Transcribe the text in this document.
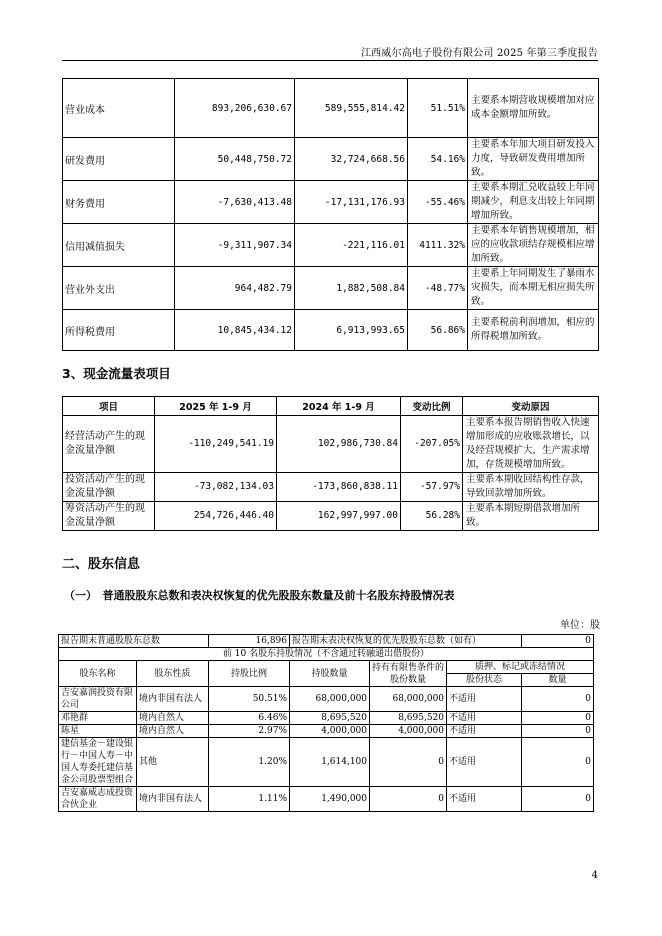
江西威尔高电子股份有限公司 2025 年第三季度报告
营业成本	893,206,630.67	589,555,814.42	51.51%	主要系本期营收规模增加对应成本金额增加所致。
研发费用	50,448,750.72	32,724,668.56	54.16%	主要系本年加大项目研发投入力度，导致研发费用增加所致。
财务费用	-7,630,413.48	-17,131,176.93	-55.46%	主要系本期汇兑收益较上年同期减少，利息支出较上年同期增加所致。
信用减值损失	-9,311,907.34	-221,116.01	4111.32%	主要系本年销售规模增加，相应的应收款项结存规模相应增加所致。
营业外支出	964,482.79	1,882,508.84	-48.77%	主要系上年同期发生了暴雨水灾损失，而本期无相应损失所致。
所得税费用	10,845,434.12	6,913,993.65	56.86%	主要系税前利润增加，相应的所得税增加所致。
3、现金流量表项目
项目	2025 年 1-9 月	2024 年 1-9 月	变动比例	变动原因
经营活动产生的现金流量净额	-110,249,541.19	102,986,730.84	-207.05%	主要系本报告期销售收入快速增加形成的应收账款增长，以及经营规模扩大，生产需求增加，存货规模增加所致。
投资活动产生的现金流量净额	-73,082,134.03	-173,860,838.11	-57.97%	主要系本期收回结构性存款，导致回款增加所致。
筹资活动产生的现金流量净额	254,726,446.40	162,997,997.00	56.28%	主要系本期短期借款增加所致。
二、股东信息
（一）　普通股股东总数和表决权恢复的优先股股东数量及前十名股东持股情况表
单位：股
报告期末普通股股东总数		16,896	报告期末表决权恢复的优先股股东总数（如有）			0
前 10 名股东持股情况（不含通过转融通出借股份）						
股东名称	股东性质	持股比例	持股数量	持有有限售条件的股份数量	质押、标记或冻结情况	
					股份状态	数量
吉安嘉润投资有限公司	境内非国有法人	50.51%	68,000,000	68,000,000	不适用	0
邓艳群	境内自然人	6.46%	8,695,520	8,695,520	不适用	0
陈星	境内自然人	2.97%	4,000,000	4,000,000	不适用	0
建信基金－建设银行－中国人寿－中国人寿委托建信基金公司股票型组合	其他	1.20%	1,614,100	0	不适用	0
吉安嘉威志成投资合伙企业	境内非国有法人	1.11%	1,490,000	0	不适用	0
4
